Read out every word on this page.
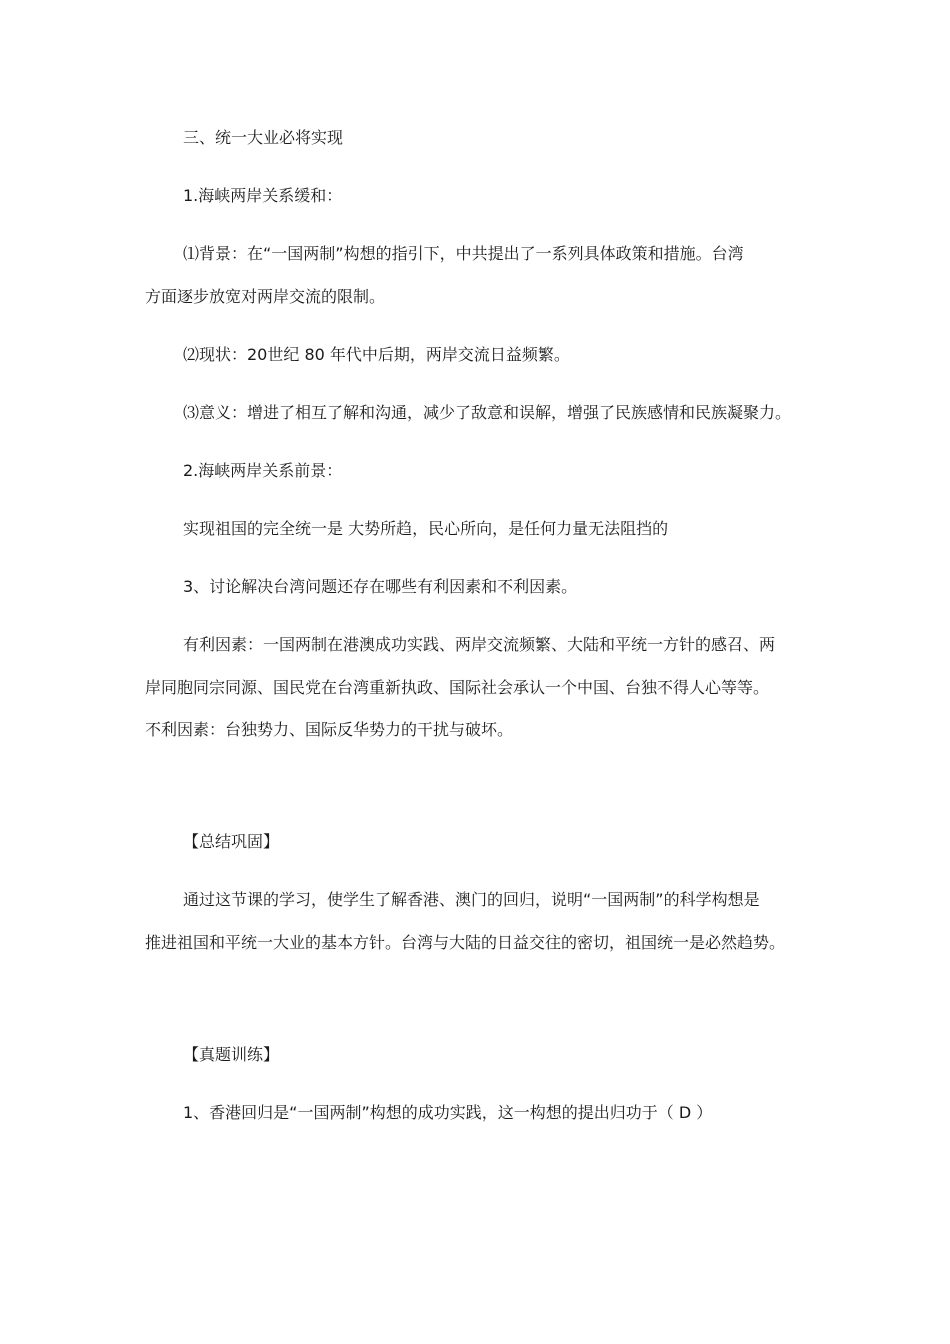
三、统一大业必将实现
1.海峡两岸关系缓和：
⑴背景：在“一国两制”构想的指引下，中共提出了一系列具体政策和措施。台湾
方面逐步放宽对两岸交流的限制。
⑵现状：20世纪 80 年代中后期，两岸交流日益频繁。
⑶意义：增进了相互了解和沟通，减少了敌意和误解，增强了民族感情和民族凝聚力。
2.海峡两岸关系前景：
实现祖国的完全统一是 大势所趋，民心所向，是任何力量无法阻挡的
3、讨论解决台湾问题还存在哪些有利因素和不利因素。
有利因素：一国两制在港澳成功实践、两岸交流频繁、大陆和平统一方针的感召、两
岸同胞同宗同源、国民党在台湾重新执政、国际社会承认一个中国、台独不得人心等等。
不利因素：台独势力、国际反华势力的干扰与破坏。
【总结巩固】
通过这节课的学习，使学生了解香港、澳门的回归，说明“一国两制”的科学构想是
推进祖国和平统一大业的基本方针。台湾与大陆的日益交往的密切，祖国统一是必然趋势。
【真题训练】
1、香港回归是“一国两制”构想的成功实践，这一构想的提出归功于（ D ）
